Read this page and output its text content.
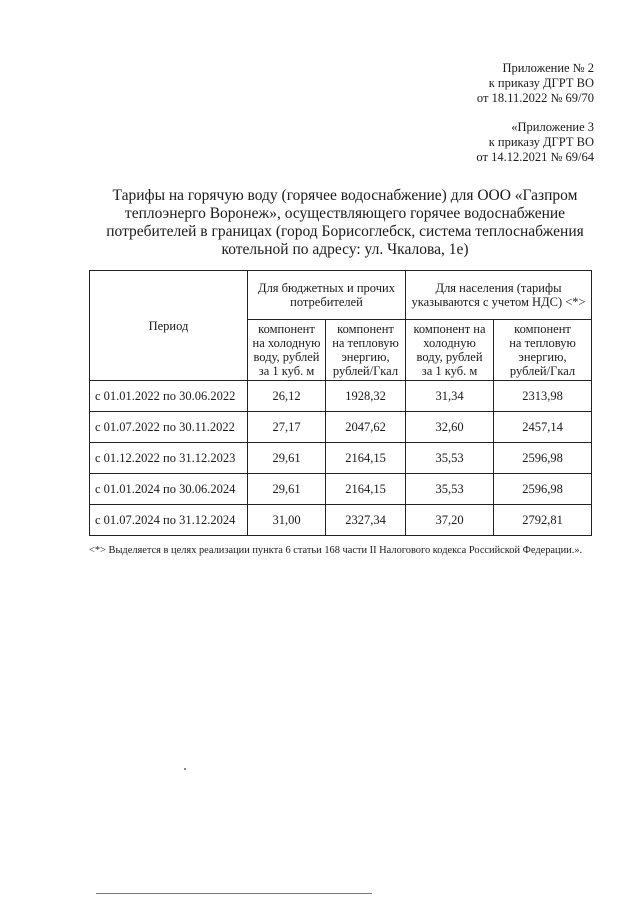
Приложение № 2
к приказу ДГРТ ВО
от 18.11.2022 № 69/70
«Приложение 3
к приказу ДГРТ ВО
от 14.12.2021 № 69/64
Тарифы на горячую воду (горячее водоснабжение) для ООО «Газпром
теплоэнерго Воронеж», осуществляющего горячее водоснабжение
потребителей в границах (город Борисоглебск, система теплоснабжения
котельной по адресу: ул. Чкалова, 1е)
Период	Для бюджетных и прочих потребителей		Для населения (тарифы указываются с учетом НДС) <*>	

	компонент
на холодную
воду, рублей
за 1 куб. м	компонент
на тепловую
энергию,
рублей/Гкал	компонент на
холодную
воду, рублей
за 1 куб. м	компонент
на тепловую
энергию,
рублей/Гкал

с 01.01.2022 по 30.06.2022	26,12	1928,32	31,34	2313,98
с 01.07.2022 по 30.11.2022	27,17	2047,62	32,60	2457,14
с 01.12.2022 по 31.12.2023	29,61	2164,15	35,53	2596,98
с 01.01.2024 по 30.06.2024	29,61	2164,15	35,53	2596,98
с 01.07.2024 по 31.12.2024	31,00	2327,34	37,20	2792,81
<*> Выделяется в целях реализации пункта 6 статьи 168 части II Налогового кодекса Российской Федерации.».
